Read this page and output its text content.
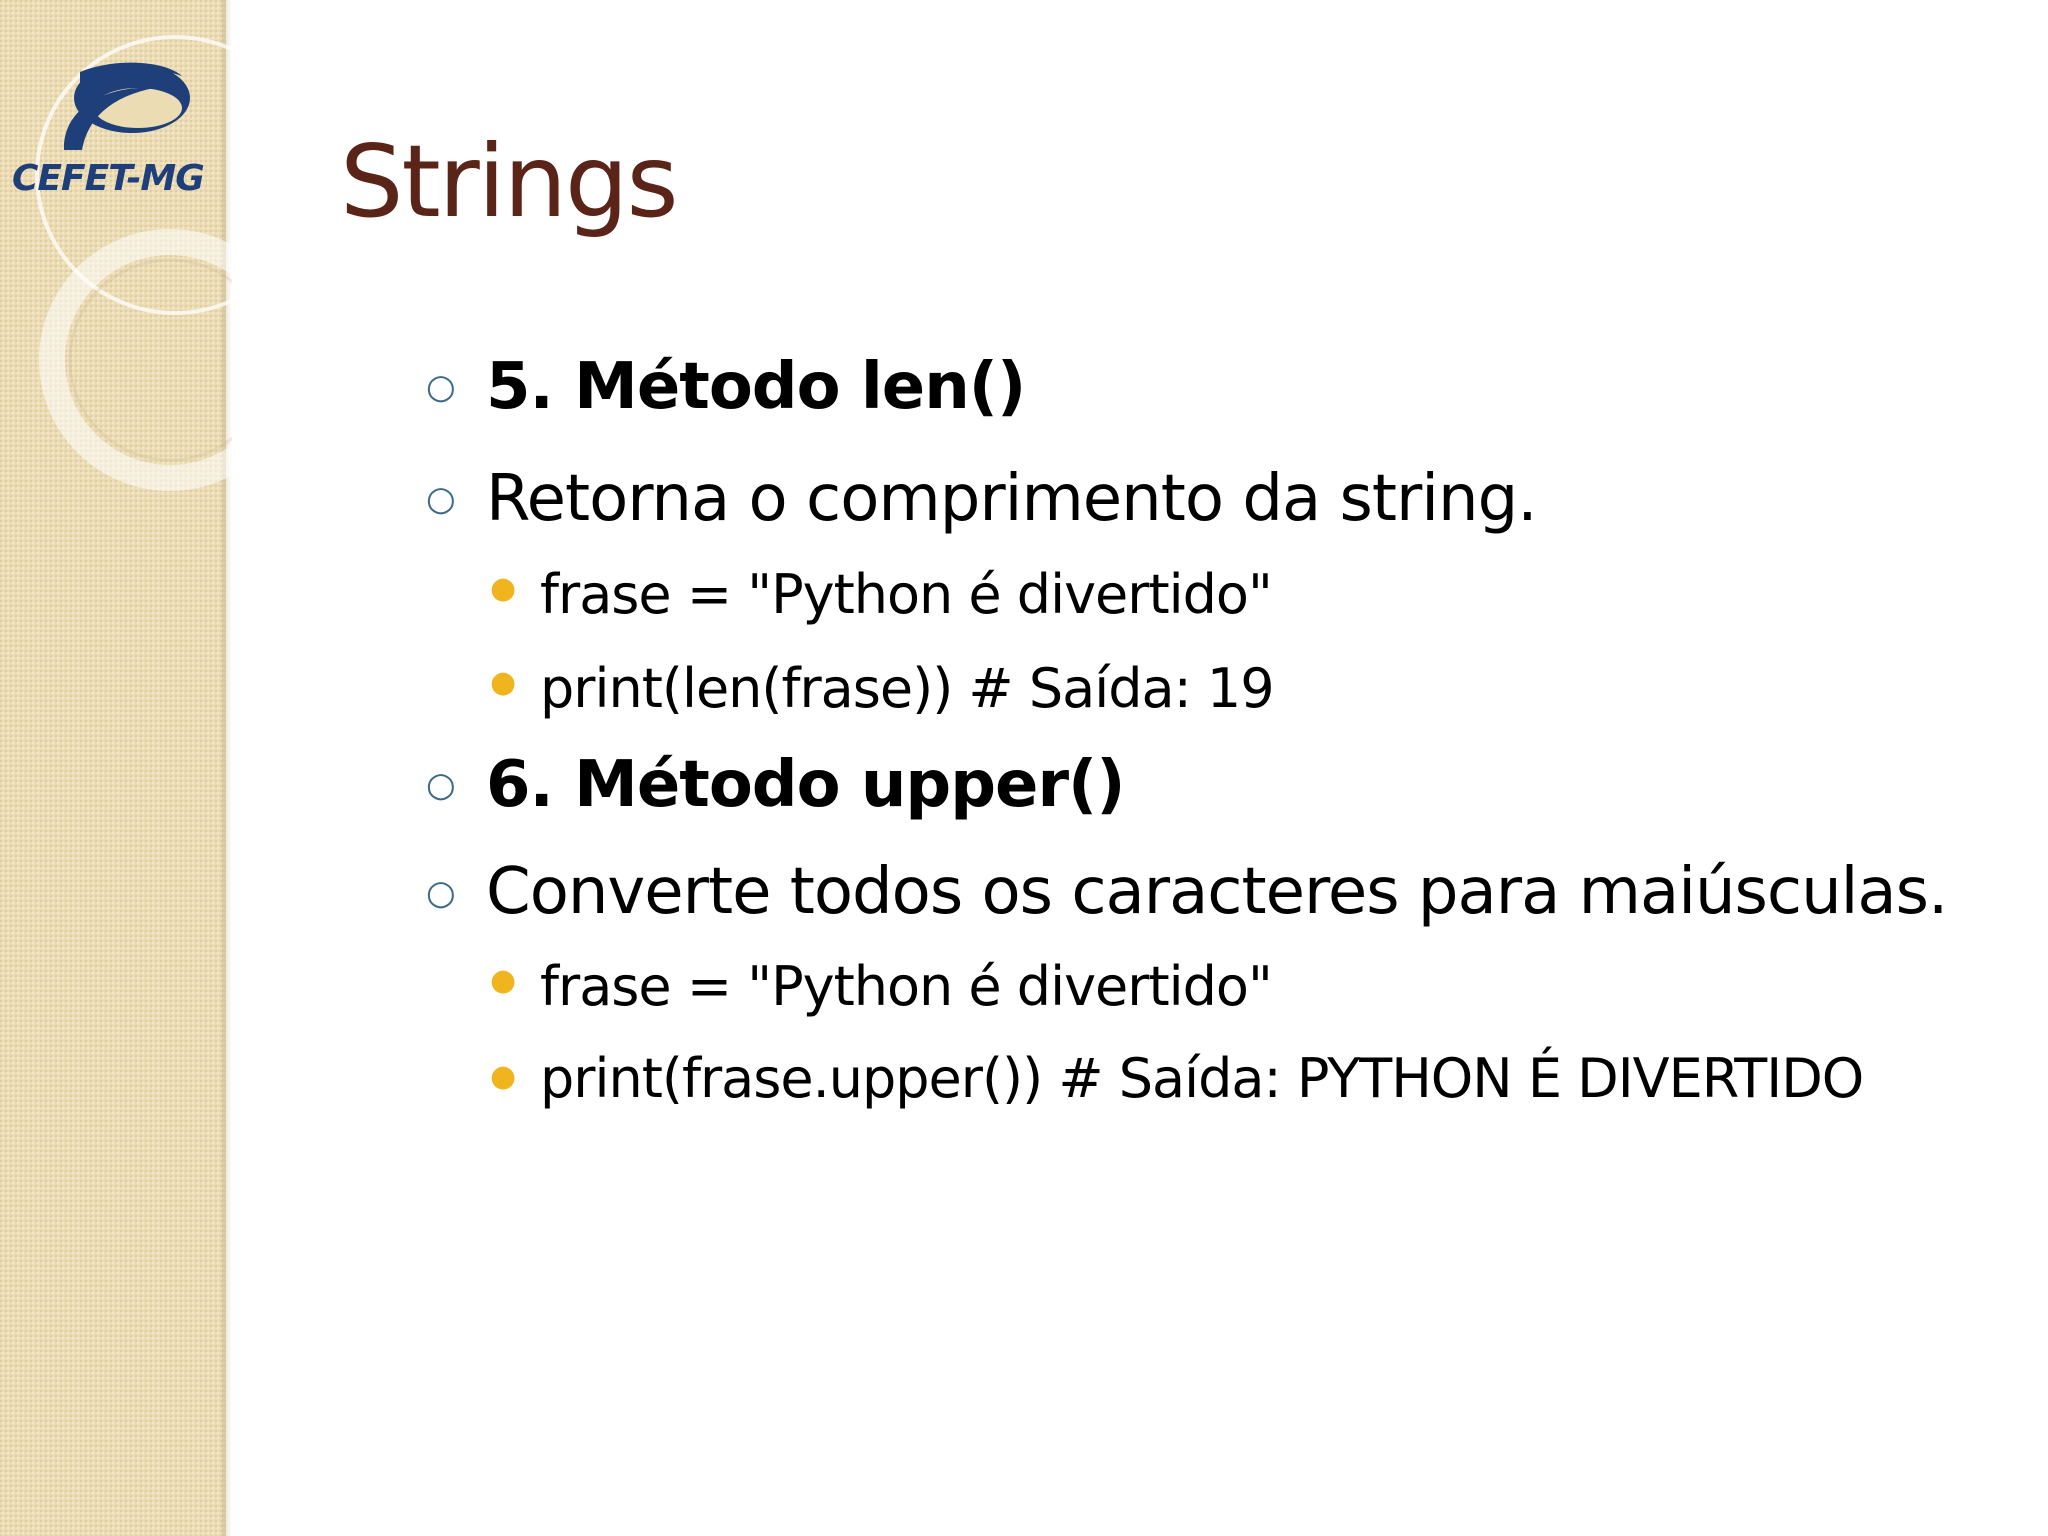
CEFET-MG Strings
○ 5. Método len()
○ Retorna o comprimento da string.
● frase = "Python é divertido"
● print(len(frase)) # Saída: 19
○ 6. Método upper()
○ Converte todos os caracteres para maiúsculas.
● frase = "Python é divertido"
● print(frase.upper()) # Saída: PYTHON É DIVERTIDO
